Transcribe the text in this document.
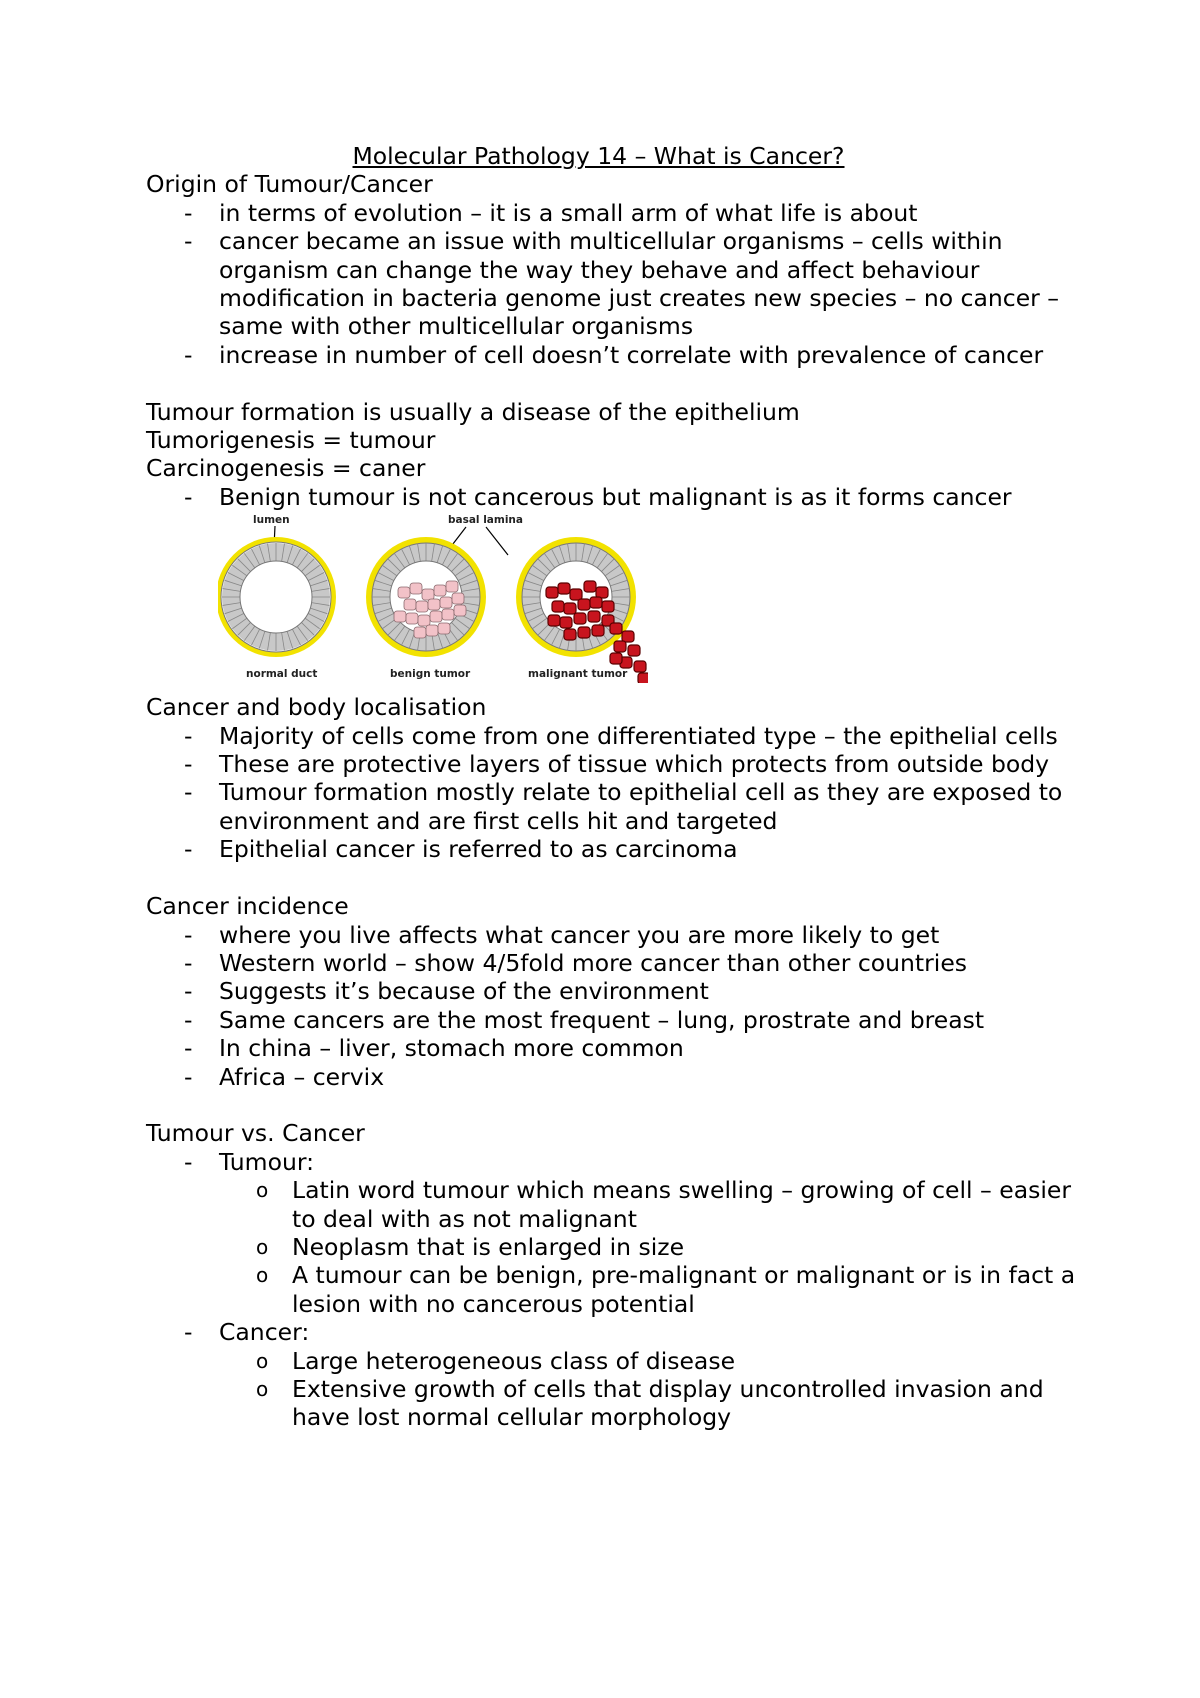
Molecular Pathology 14 – What is Cancer?
Origin of Tumour/Cancer
- in terms of evolution – it is a small arm of what life is about
- cancer became an issue with multicellular organisms – cells within organism can change the way they behave and affect behaviour modification in bacteria genome just creates new species – no cancer – same with other multicellular organisms
- increase in number of cell doesn’t correlate with prevalence of cancer
Tumour formation is usually a disease of the epithelium
Tumorigenesis = tumour
Carcinogenesis = caner
- Benign tumour is not cancerous but malignant is as it forms cancer
lumen	basal lamina
normal duct	benign tumor	malignant tumor
Cancer and body localisation
- Majority of cells come from one differentiated type – the epithelial cells
- These are protective layers of tissue which protects from outside body
- Tumour formation mostly relate to epithelial cell as they are exposed to environment and are first cells hit and targeted
- Epithelial cancer is referred to as carcinoma
Cancer incidence
- where you live affects what cancer you are more likely to get
- Western world – show 4/5fold more cancer than other countries
- Suggests it’s because of the environment
- Same cancers are the most frequent – lung, prostrate and breast
- In china – liver, stomach more common
- Africa – cervix
Tumour vs. Cancer
- Tumour:
o Latin word tumour which means swelling – growing of cell – easier to deal with as not malignant
o Neoplasm that is enlarged in size
o A tumour can be benign, pre-malignant or malignant or is in fact a lesion with no cancerous potential
- Cancer:
o Large heterogeneous class of disease
o Extensive growth of cells that display uncontrolled invasion and have lost normal cellular morphology
